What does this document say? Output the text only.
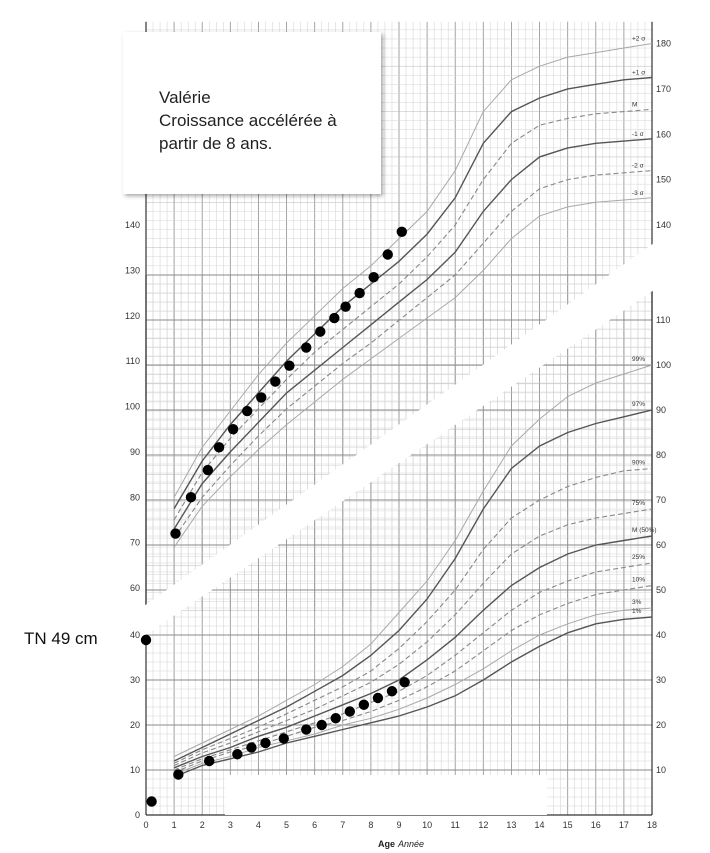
+2 σ
+1 σ
M
-1 σ
-2 σ
-3 σ
99%
97%
90%
75%
M (50%)
25%
10%
3%
1%
60
70
80
90
100
110
120
130
140	140
150
160
170
180
0
10
20
30
40
10
20
30
40
50
60
70
80
90
100
110
0	1	2	3	4	5	6	7	8	9 10 11 12 13 14 15 16 17 18
Age Année
Valérie
Croissance accélérée à
partir de 8 ans.
TN 49 cm
